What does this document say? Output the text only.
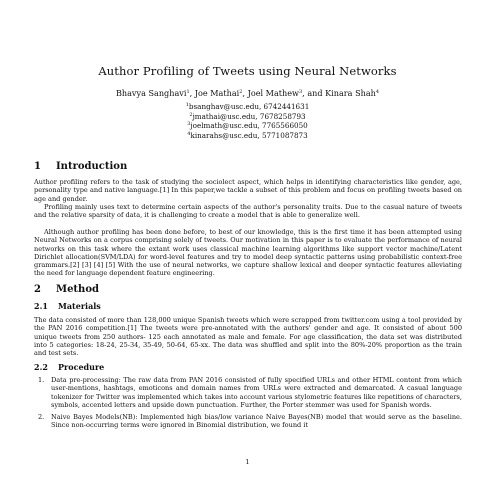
Author Profiling of Tweets using Neural Networks
Bhavya Sanghavi$^1$, Joe Mathai$^2$, Joel Mathew$^3$, and Kinara Shah$^4$
$^1$bsanghav@usc.edu, 6742441631
$^2$jmathai@usc.edu, 7678258793
$^3$joelmath@usc.edu, 7765566050
$^4$kinarahs@usc.edu, 5771087873
1 Introduction
Author profiling refers to the task of studying the sociolect aspect, which helps in identifying characteristics like gender, age, personality type and native language.[1] In this paper,we tackle a subset of this problem and focus on profiling tweets based on age and gender.
Profiling mainly uses text to determine certain aspects of the author's personality traits. Due to the casual nature of tweets and the relative sparsity of data, it is challenging to create a model that is able to generalize well.
Although author profiling has been done before, to best of our knowledge, this is the first time it has been attempted using Neural Networks on a corpus comprising solely of tweets. Our motivation in this paper is to evaluate the performance of neural networks on this task where the extant work uses classical machine learning algorithms like support vector machine/Latent Dirichlet allocation(SVM/LDA) for word-level features and try to model deep syntactic patterns using probabilistic context-free grammars.[2] [3] [4] [5] With the use of neural networks, we capture shallow lexical and deeper syntactic features alleviating the need for language dependent feature engineering.
2 Method
2.1 Materials
The data consisted of more than 128,000 unique Spanish tweets which were scrapped from twitter.com using a tool provided by the PAN 2016 competition.[1] The tweets were pre-annotated with the authors' gender and age. It consisted of about 500 unique tweets from 250 authors- 125 each annotated as male and female. For age classification, the data set was distributed into 5 categories: 18-24, 25-34, 35-49, 50-64, 65-xx. The data was shuffled and split into the 80%-20% proportion as the train and test sets.
2.2 Procedure
1. Data pre-processing: The raw data from PAN 2016 consisted of fully specified URLs and other HTML content from which user-mentions, hashtags, emoticons and domain names from URLs were extracted and demarcated. A casual language tokenizer for Twitter was implemented which takes into account various stylometric features like repetitions of characters, symbols, accented letters and upside down punctuation. Further, the Porter stemmer was used for Spanish words.
2. Naive Bayes Models(NB): Implemented high bias/low variance Naive Bayes(NB) model that would serve as the baseline. Since non-occurring terms were ignored in Binomial distribution, we found it
1
